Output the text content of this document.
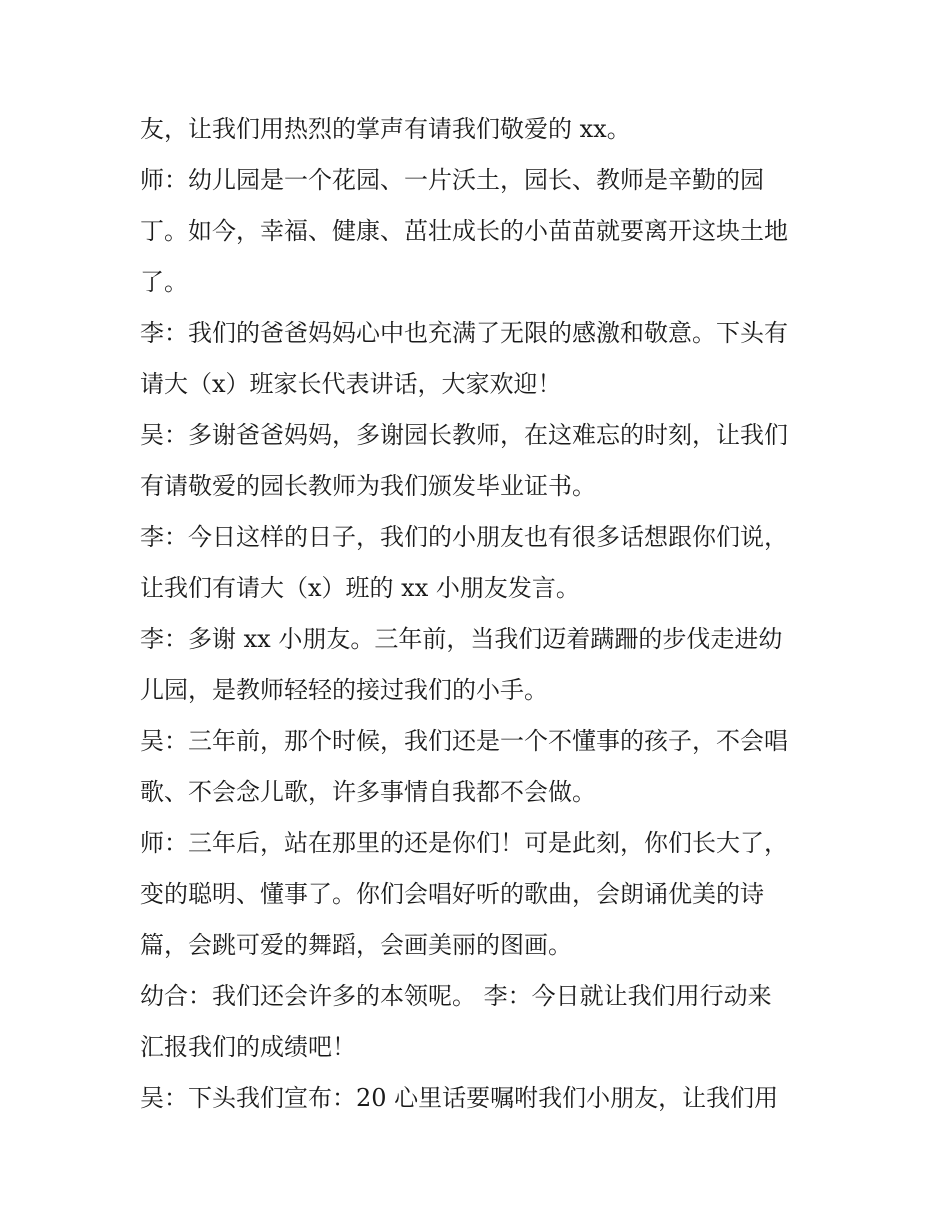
友，让我们用热烈的掌声有请我们敬爱的 xx。
师：幼儿园是一个花园、一片沃土，园长、教师是辛勤的园
丁。如今，幸福、健康、茁壮成长的小苗苗就要离开这块土地
了。
李：我们的爸爸妈妈心中也充满了无限的感激和敬意。下头有
请大（x）班家长代表讲话，大家欢迎！
吴：多谢爸爸妈妈，多谢园长教师，在这难忘的时刻，让我们
有请敬爱的园长教师为我们颁发毕业证书。
李：今日这样的日子，我们的小朋友也有很多话想跟你们说，
让我们有请大（x）班的 xx 小朋友发言。
李：多谢 xx 小朋友。三年前，当我们迈着蹒跚的步伐走进幼
儿园，是教师轻轻的接过我们的小手。
吴：三年前，那个时候，我们还是一个不懂事的孩子，不会唱
歌、不会念儿歌，许多事情自我都不会做。
师：三年后，站在那里的还是你们！可是此刻，你们长大了，
变的聪明、懂事了。你们会唱好听的歌曲，会朗诵优美的诗
篇，会跳可爱的舞蹈，会画美丽的图画。
幼合：我们还会许多的本领呢。 李：今日就让我们用行动来
汇报我们的成绩吧！
吴：下头我们宣布：20 心里话要嘱咐我们小朋友，让我们用
